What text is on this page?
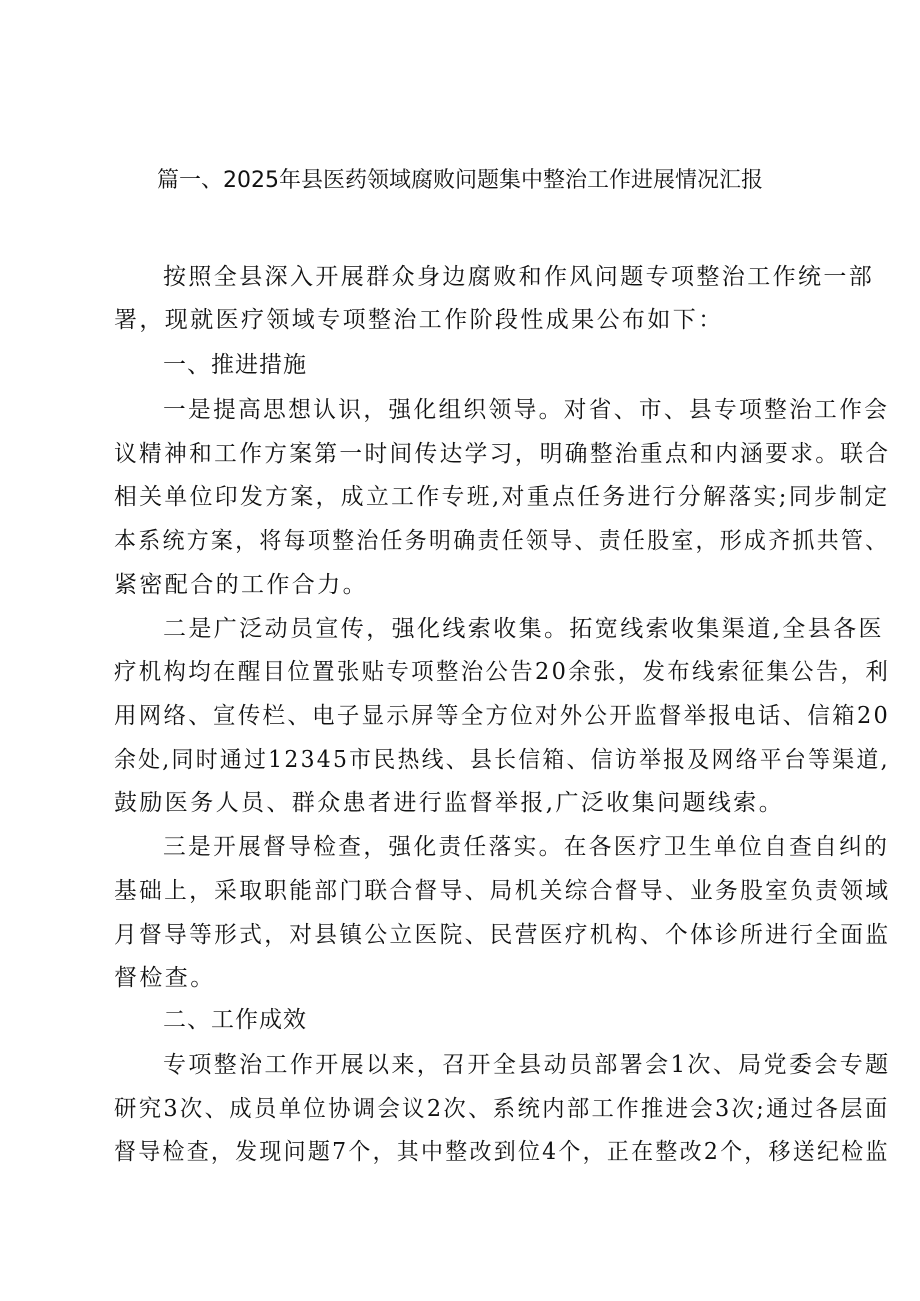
篇一、2025年县医药领域腐败问题集中整治工作进展情况汇报
按照全县深入开展群众身边腐败和作风问题专项整治工作统一部
署，现就医疗领域专项整治工作阶段性成果公布如下：
一、推进措施
一是提高思想认识，强化组织领导。对省、市、县专项整治工作会
议精神和工作方案第一时间传达学习，明确整治重点和内涵要求。联合
相关单位印发方案，成立工作专班,对重点任务进行分解落实;同步制定
本系统方案，将每项整治任务明确责任领导、责任股室，形成齐抓共管、
紧密配合的工作合力。
二是广泛动员宣传，强化线索收集。拓宽线索收集渠道,全县各医
疗机构均在醒目位置张贴专项整治公告20余张，发布线索征集公告，利
用网络、宣传栏、电子显示屏等全方位对外公开监督举报电话、信箱20
余处,同时通过12345市民热线、县长信箱、信访举报及网络平台等渠道,
鼓励医务人员、群众患者进行监督举报,广泛收集问题线索。
三是开展督导检查，强化责任落实。在各医疗卫生单位自查自纠的
基础上，采取职能部门联合督导、局机关综合督导、业务股室负责领域
月督导等形式，对县镇公立医院、民营医疗机构、个体诊所进行全面监
督检查。
二、工作成效
专项整治工作开展以来，召开全县动员部署会1次、局党委会专题
研究3次、成员单位协调会议2次、系统内部工作推进会3次;通过各层面
督导检查，发现问题7个，其中整改到位4个，正在整改2个，移送纪检监
